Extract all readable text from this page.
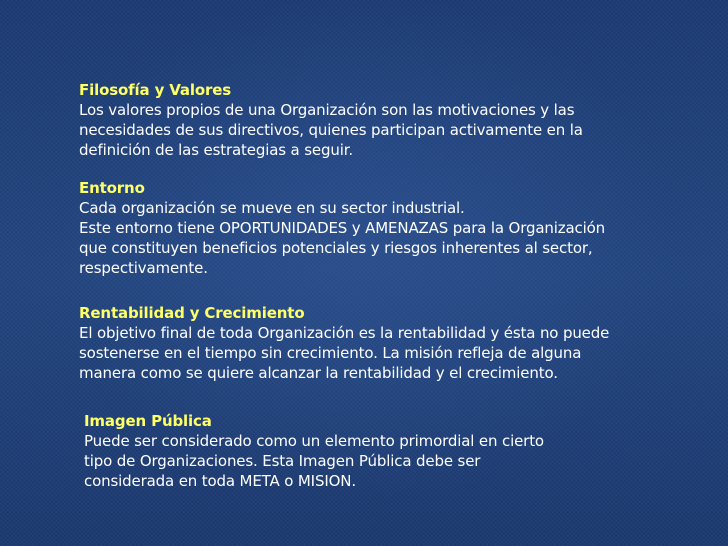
Filosofía y Valores
Los valores propios de una Organización son las motivaciones y las
necesidades de sus directivos, quienes participan activamente en la
definición de las estrategias a seguir.
Entorno
Cada organización se mueve en su sector industrial.
Este entorno tiene OPORTUNIDADES y AMENAZAS para la Organización
que constituyen beneficios potenciales y riesgos inherentes al sector,
respectivamente.
Rentabilidad y Crecimiento
El objetivo final de toda Organización es la rentabilidad y ésta no puede
sostenerse en el tiempo sin crecimiento. La misión refleja de alguna
manera como se quiere alcanzar la rentabilidad y el crecimiento.
Imagen Pública
Puede ser considerado como un elemento primordial en cierto
tipo de Organizaciones. Esta Imagen Pública debe ser
considerada en toda META o MISION.
